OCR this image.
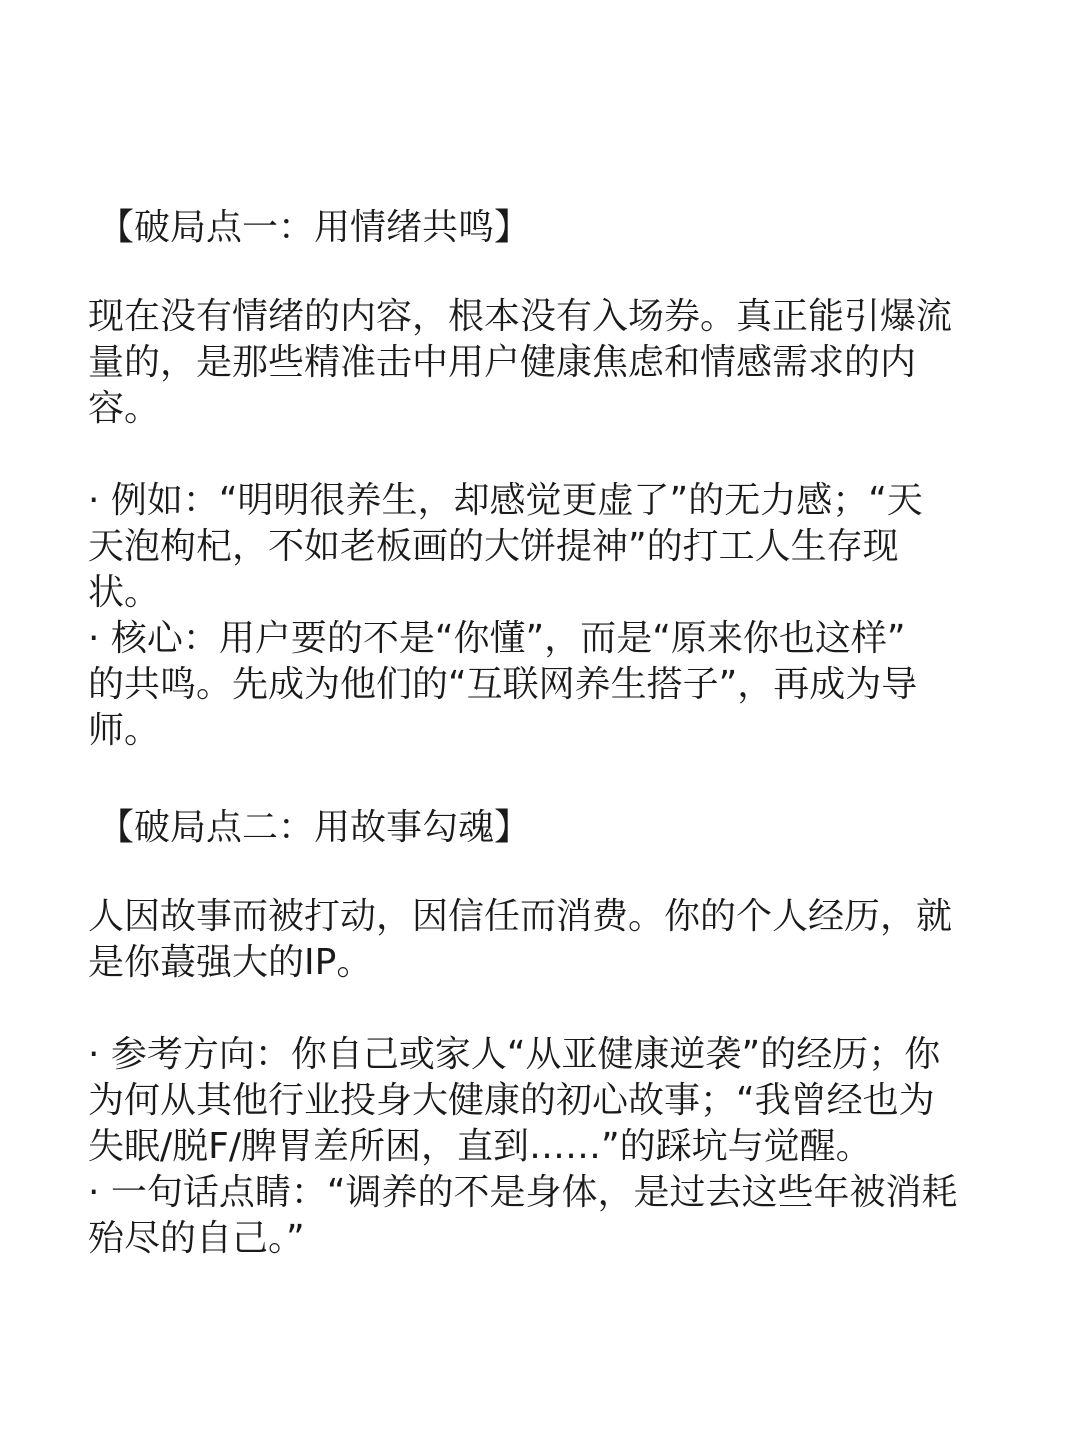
【破局点一：用情绪共鸣】

现在没有情绪的内容，根本没有入场券。真正能引爆流
量的，是那些精准击中用户健康焦虑和情感需求的内
容。

· 例如：“明明很养生，却感觉更虚了”的无力感；“天
天泡枸杞，不如老板画的大饼提神”的打工人生存现
状。
· 核心：用户要的不是“你懂”，而是“原来你也这样”
的共鸣。先成为他们的“互联网养生搭子”，再成为导
师。

【破局点二：用故事勾魂】

人因故事而被打动，因信任而消费。你的个人经历，就
是你蕞强大的IP。

· 参考方向：你自己或家人“从亚健康逆袭”的经历；你
为何从其他行业投身大健康的初心故事；“我曾经也为
失眠/脱F/脾胃差所困，直到……”的踩坑与觉醒。
· 一句话点睛：“调养的不是身体，是过去这些年被消耗
殆尽的自己。”
